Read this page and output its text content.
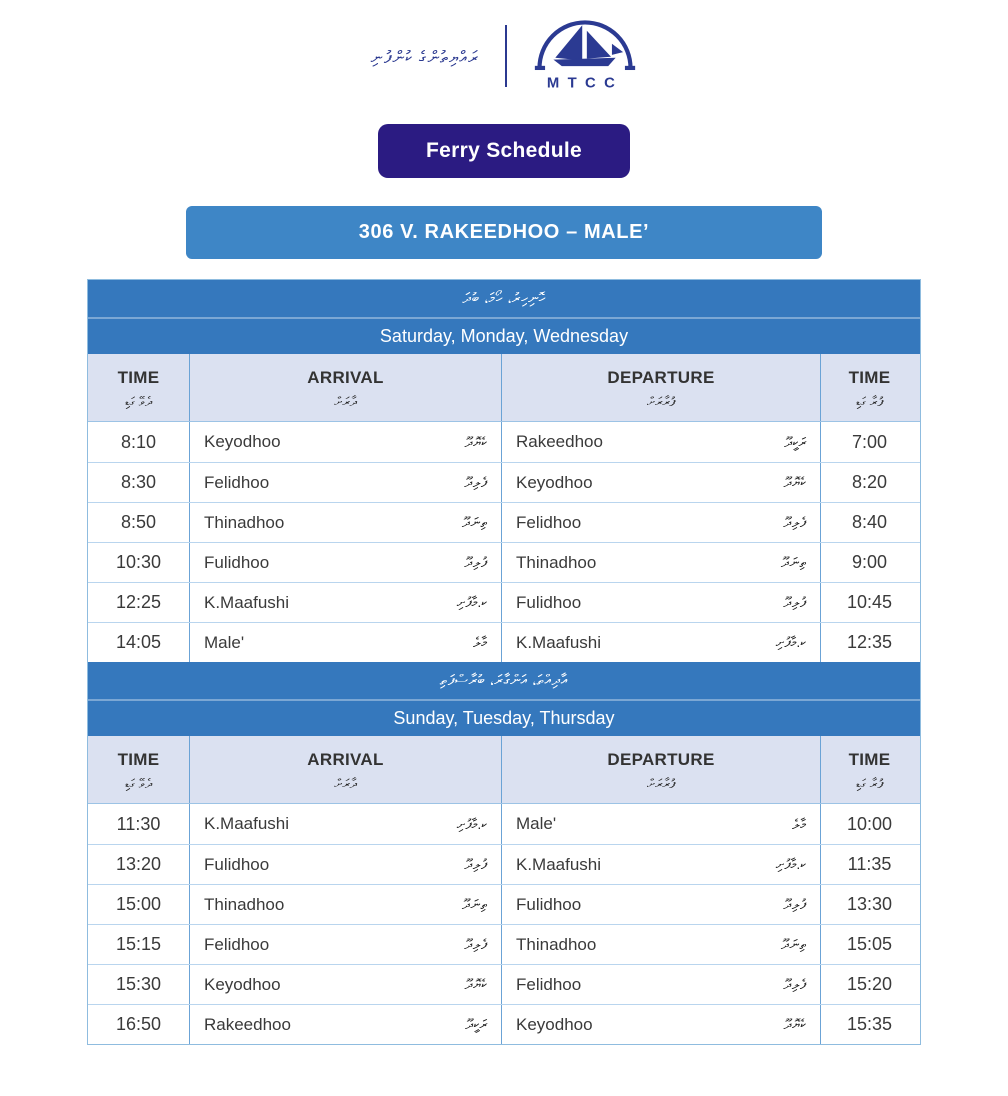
ރައްޔިތުންގެ ކުންފުނި
MTCC
Ferry Schedule
306 V. RAKEEDHOO – MALE’
ހޮނިހިރު، ހޯމަ، ބުދަ
Saturday, Monday, Wednesday
TIME
ދެވޭ ގަޑި
ARRIVAL
ދާރަށް
DEPARTURE
ފުރާރަށް
TIME
ފުރާ ގަޑި
8:10	Keyodhoo	ކެޔޮދޫ Rakeedhoo	ރަކީދޫ	7:00
8:30	Felidhoo	ފެލިދޫ Keyodhoo	ކެޔޮދޫ	8:20
8:50	Thinadhoo	ތިނަދޫ Felidhoo	ފެލިދޫ	8:40
10:30	Fulidhoo	ފުލިދޫ Thinadhoo	ތިނަދޫ	9:00
12:25	K.Maafushi	ކ.މާފުށި Fulidhoo	ފުލިދޫ	10:45
14:05	Male'	މާލެ K.Maafushi	ކ.މާފުށި	12:35
އާދިއްތަ، އަންގާރަ، ބުރާސްފަތި
Sunday, Tuesday, Thursday
TIME
ދެވޭ ގަޑި
ARRIVAL
ދާރަށް
DEPARTURE
ފުރާރަށް
TIME
ފުރާ ގަޑި
11:30	K.Maafushi	ކ.މާފުށި Male'	މާލެ	10:00
13:20	Fulidhoo	ފުލިދޫ K.Maafushi	ކ.މާފުށި	11:35
15:00	Thinadhoo	ތިނަދޫ Fulidhoo	ފުލިދޫ	13:30
15:15	Felidhoo	ފެލިދޫ Thinadhoo	ތިނަދޫ	15:05
15:30	Keyodhoo	ކެޔޮދޫ Felidhoo	ފެލިދޫ	15:20
16:50	Rakeedhoo	ރަކީދޫ Keyodhoo	ކެޔޮދޫ	15:35
